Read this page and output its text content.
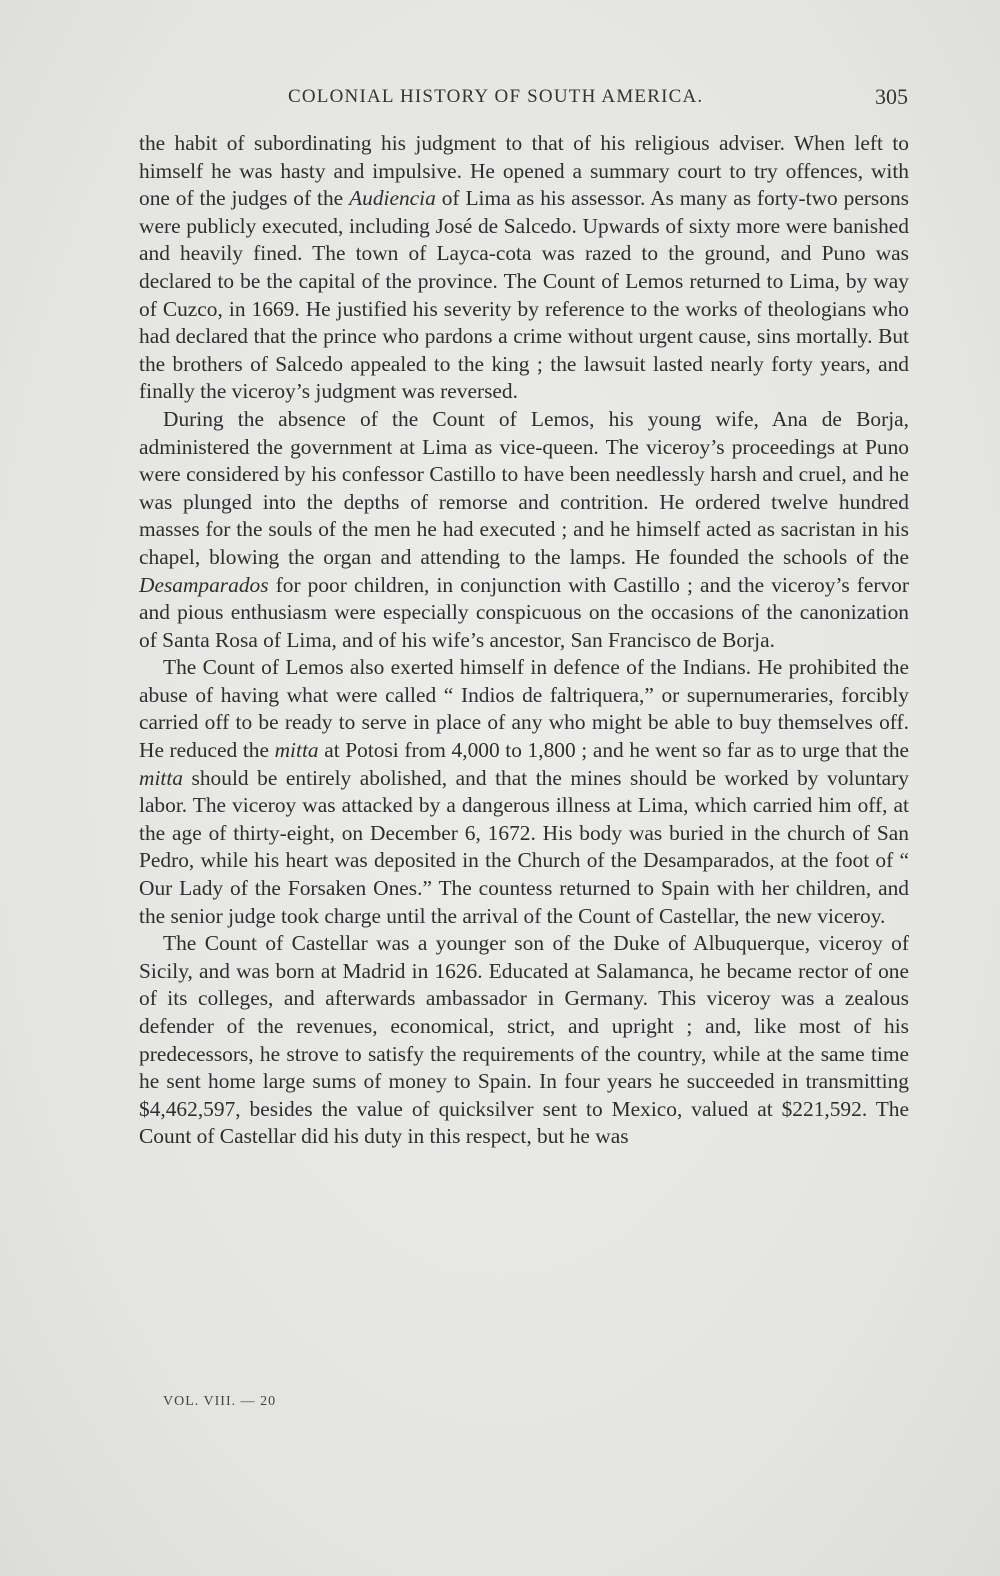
COLONIAL HISTORY OF SOUTH AMERICA.	305

the habit of subordinating his judgment to that of his religious adviser. When left to himself he was hasty and impulsive. He opened a summary court to try offences, with one of the judges of the Audiencia of Lima as his assessor. As many as forty-two persons were publicly executed, including José de Salcedo. Upwards of sixty more were banished and heavily fined. The town of Layca-cota was razed to the ground, and Puno was declared to be the capital of the province. The Count of Lemos returned to Lima, by way of Cuzco, in 1669. He justified his severity by reference to the works of theologians who had declared that the prince who pardons a crime without urgent cause, sins mortally. But the brothers of Salcedo appealed to the king ; the lawsuit lasted nearly forty years, and finally the viceroy’s judgment was reversed.

During the absence of the Count of Lemos, his young wife, Ana de Borja, administered the government at Lima as vice-queen. The viceroy’s proceedings at Puno were considered by his confessor Castillo to have been needlessly harsh and cruel, and he was plunged into the depths of remorse and contrition. He ordered twelve hundred masses for the souls of the men he had executed ; and he himself acted as sacristan in his chapel, blowing the organ and attending to the lamps. He founded the schools of the Desamparados for poor children, in conjunction with Castillo ; and the viceroy’s fervor and pious enthusiasm were especially conspicuous on the occasions of the canonization of Santa Rosa of Lima, and of his wife’s ancestor, San Francisco de Borja.

The Count of Lemos also exerted himself in defence of the Indians. He prohibited the abuse of having what were called “ Indios de faltriquera,” or supernumeraries, forcibly carried off to be ready to serve in place of any who might be able to buy themselves off. He reduced the mitta at Potosi from 4,000 to 1,800 ; and he went so far as to urge that the mitta should be entirely abolished, and that the mines should be worked by voluntary labor. The viceroy was attacked by a dangerous illness at Lima, which carried him off, at the age of thirty-eight, on December 6, 1672. His body was buried in the church of San Pedro, while his heart was deposited in the Church of the Desamparados, at the foot of “ Our Lady of the Forsaken Ones.” The countess returned to Spain with her children, and the senior judge took charge until the arrival of the Count of Castellar, the new viceroy.

The Count of Castellar was a younger son of the Duke of Albuquerque, viceroy of Sicily, and was born at Madrid in 1626. Educated at Salamanca, he became rector of one of its colleges, and afterwards ambassador in Germany. This viceroy was a zealous defender of the revenues, economical, strict, and upright ; and, like most of his predecessors, he strove to satisfy the requirements of the country, while at the same time he sent home large sums of money to Spain. In four years he succeeded in transmitting $4,462,597, besides the value of quicksilver sent to Mexico, valued at $221,592. The Count of Castellar did his duty in this respect, but he was

VOL. VIII. — 20
